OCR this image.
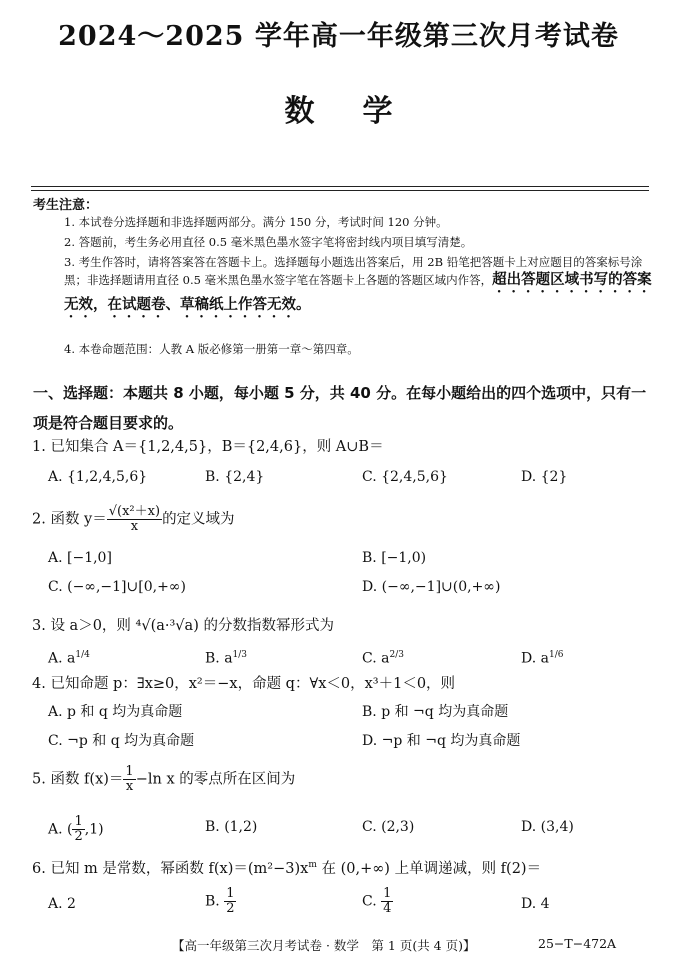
2024～2025 学年高一年级第三次月考试卷
数学
考生注意：
1. 本试卷分选择题和非选择题两部分。满分 150 分，考试时间 120 分钟。
2. 答题前，考生务必用直径 0.5 毫米黑色墨水签字笔将密封线内项目填写清楚。
3. 考生作答时，请将答案答在答题卡上。选择题每小题选出答案后，用 2B 铅笔把答题卡上对应题目的答案标号涂黑；非选择题请用直径 0.5 毫米黑色墨水签字笔在答题卡上各题的答题区域内作答，超出答题区域书写的答案无效，在试题卷、草稿纸上作答无效。
4. 本卷命题范围：人教 A 版必修第一册第一章～第四章。
一、选择题：本题共 8 小题，每小题 5 分，共 40 分。在每小题给出的四个选项中，只有一项是符合题目要求的。
1. 已知集合 A＝{1,2,4,5}，B＝{2,4,6}，则 A∪B＝
A. {1,2,4,5,6}	B. {2,4}	C. {2,4,5,6}	D. {2}
2. 函数 $y= \frac{\text{√(x²＋x)}}{x}$ 的定义域为
A. [−1,0]	B. [−1,0)
C. (−∞,−1]∪[0,+∞)	D. (−∞,−1]∪(0,+∞)
3. 设 a＞0，则 ⁴√(a·³√a) 的分数指数幂形式为
A. $a^{1/4}$	B. $a^{1/3}$	C. $a^{2/3}$	D. $a^{1/6}$
4. 已知命题 p：∃x≥0，x²＝−x，命题 q：∀x＜0，x³＋1＜0，则
A. p 和 q 均为真命题	B. p 和 ¬q 均为真命题
C. ¬p 和 q 均为真命题	D. ¬p 和 ¬q 均为真命题
5. 函数 $f(x)= \frac{1}{x} -\ln$ x 的零点所在区间为
A. ( $\frac{1}{2} ,1$)	B. (1,2)	C. (2,3)	D. (3,4)
6. 已知 m 是常数，幂函数 $f(x)=(m^2-3)x^m$ 在 (0,+∞) 上单调递减，则 f(2)＝
A. 2	B. $\frac{1}{2}$	C. $\frac{1}{4}$	D. 4
【高一年级第三次月考试卷 · 数学　第 1 页(共 4 页)】	25−T−472A
